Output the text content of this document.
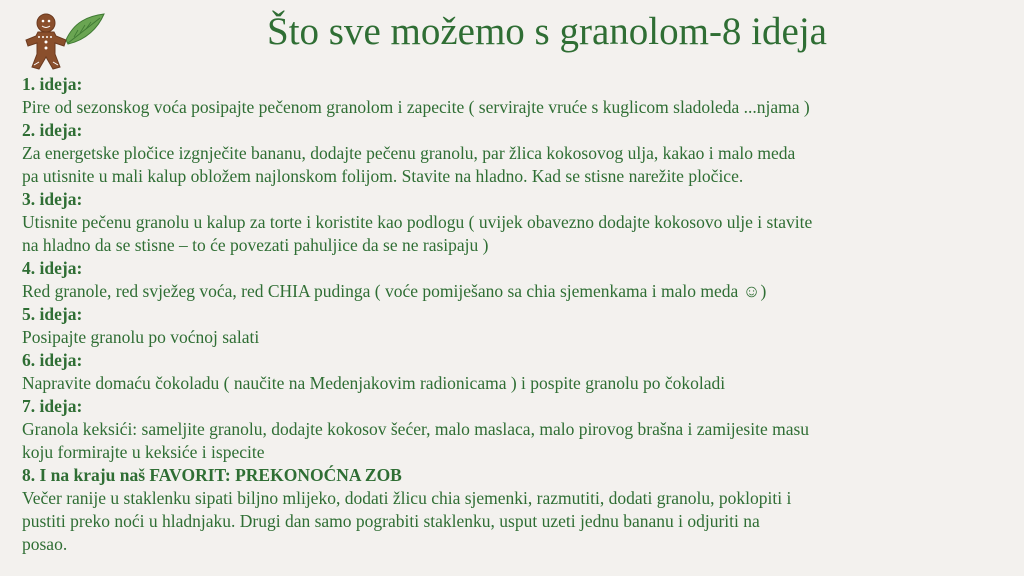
Što sve možemo s granolom-8 ideja
1. ideja:
Pire od sezonskog voća posipajte pečenom granolom i zapecite ( servirajte vruće s kuglicom sladoleda ...njama )
2. ideja:
Za energetske pločice izgnječite bananu, dodajte pečenu granolu, par žlica kokosovog ulja, kakao i malo meda
pa utisnite u mali kalup obložem najlonskom folijom. Stavite na hladno. Kad se stisne narežite pločice.
3. ideja:
Utisnite pečenu granolu u kalup za torte i koristite kao podlogu ( uvijek obavezno dodajte kokosovo ulje i stavite
na hladno da se stisne – to će povezati pahuljice da se ne rasipaju )
4. ideja:
Red granole, red svježeg voća, red CHIA pudinga ( voće pomiješano sa chia sjemenkama i malo meda ☺)
5. ideja:
Posipajte granolu po voćnoj salati
6. ideja:
Napravite domaću čokoladu ( naučite na Medenjakovim radionicama ) i pospite granolu po čokoladi
7. ideja:
Granola keksići: sameljite granolu, dodajte kokosov šećer, malo maslaca, malo pirovog brašna i zamijesite masu
koju formirajte u keksiće i ispecite
8. I na kraju naš FAVORIT: PREKONOĆNA ZOB
Večer ranije u staklenku sipati biljno mlijeko, dodati žlicu chia sjemenki, razmutiti, dodati granolu, poklopiti i
pustiti preko noći u hladnjaku. Drugi dan samo pograbiti staklenku, usput uzeti jednu bananu i odjuriti na
posao.
